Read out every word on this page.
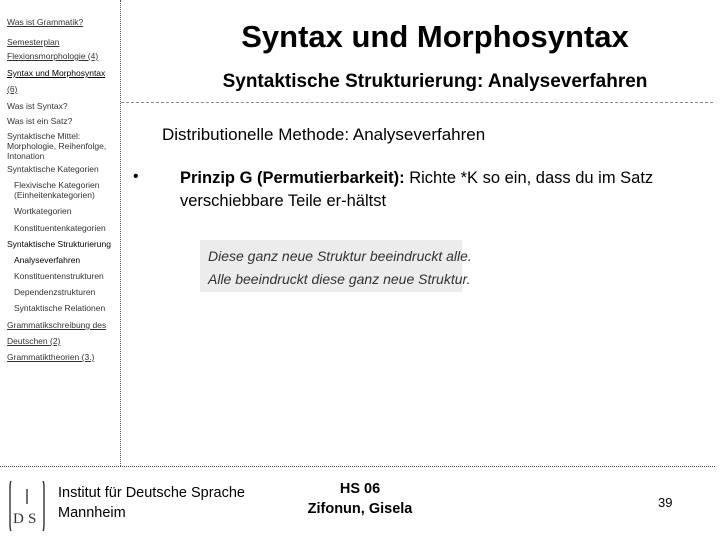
Was ist Grammatik?
Semesterplan
Flexionsmorphologie (4)
Syntax und Morphosyntax
(6)
Was ist Syntax?
Was ist ein Satz?
Syntaktische Mittel: Morphologie, Reihenfolge, Intonation
Syntaktische Kategorien
Flexivische Kategorien (Einheitenkategorien)
Wortkategorien
Konstituentenkategorien
Syntaktische Strukturierung
Analyseverfahren
Konstituentenstrukturen
Dependenzstrukturen
Syntaktische Relationen
Grammatikschreibung des
Deutschen (2)
Grammatiktheorien (3.)
Syntax und Morphosyntax
Syntaktische Strukturierung: Analyseverfahren
Distributionelle Methode: Analyseverfahren
•	Prinzip G (Permutierbarkeit): Richte *K so ein, dass du im Satz verschiebbare Teile er-hältst
Diese ganz neue Struktur beeindruckt alle.
Alle beeindruckt diese ganz neue Struktur.
D S
Institut für Deutsche Sprache
Mannheim
HS 06
Zifonun, Gisela	39
